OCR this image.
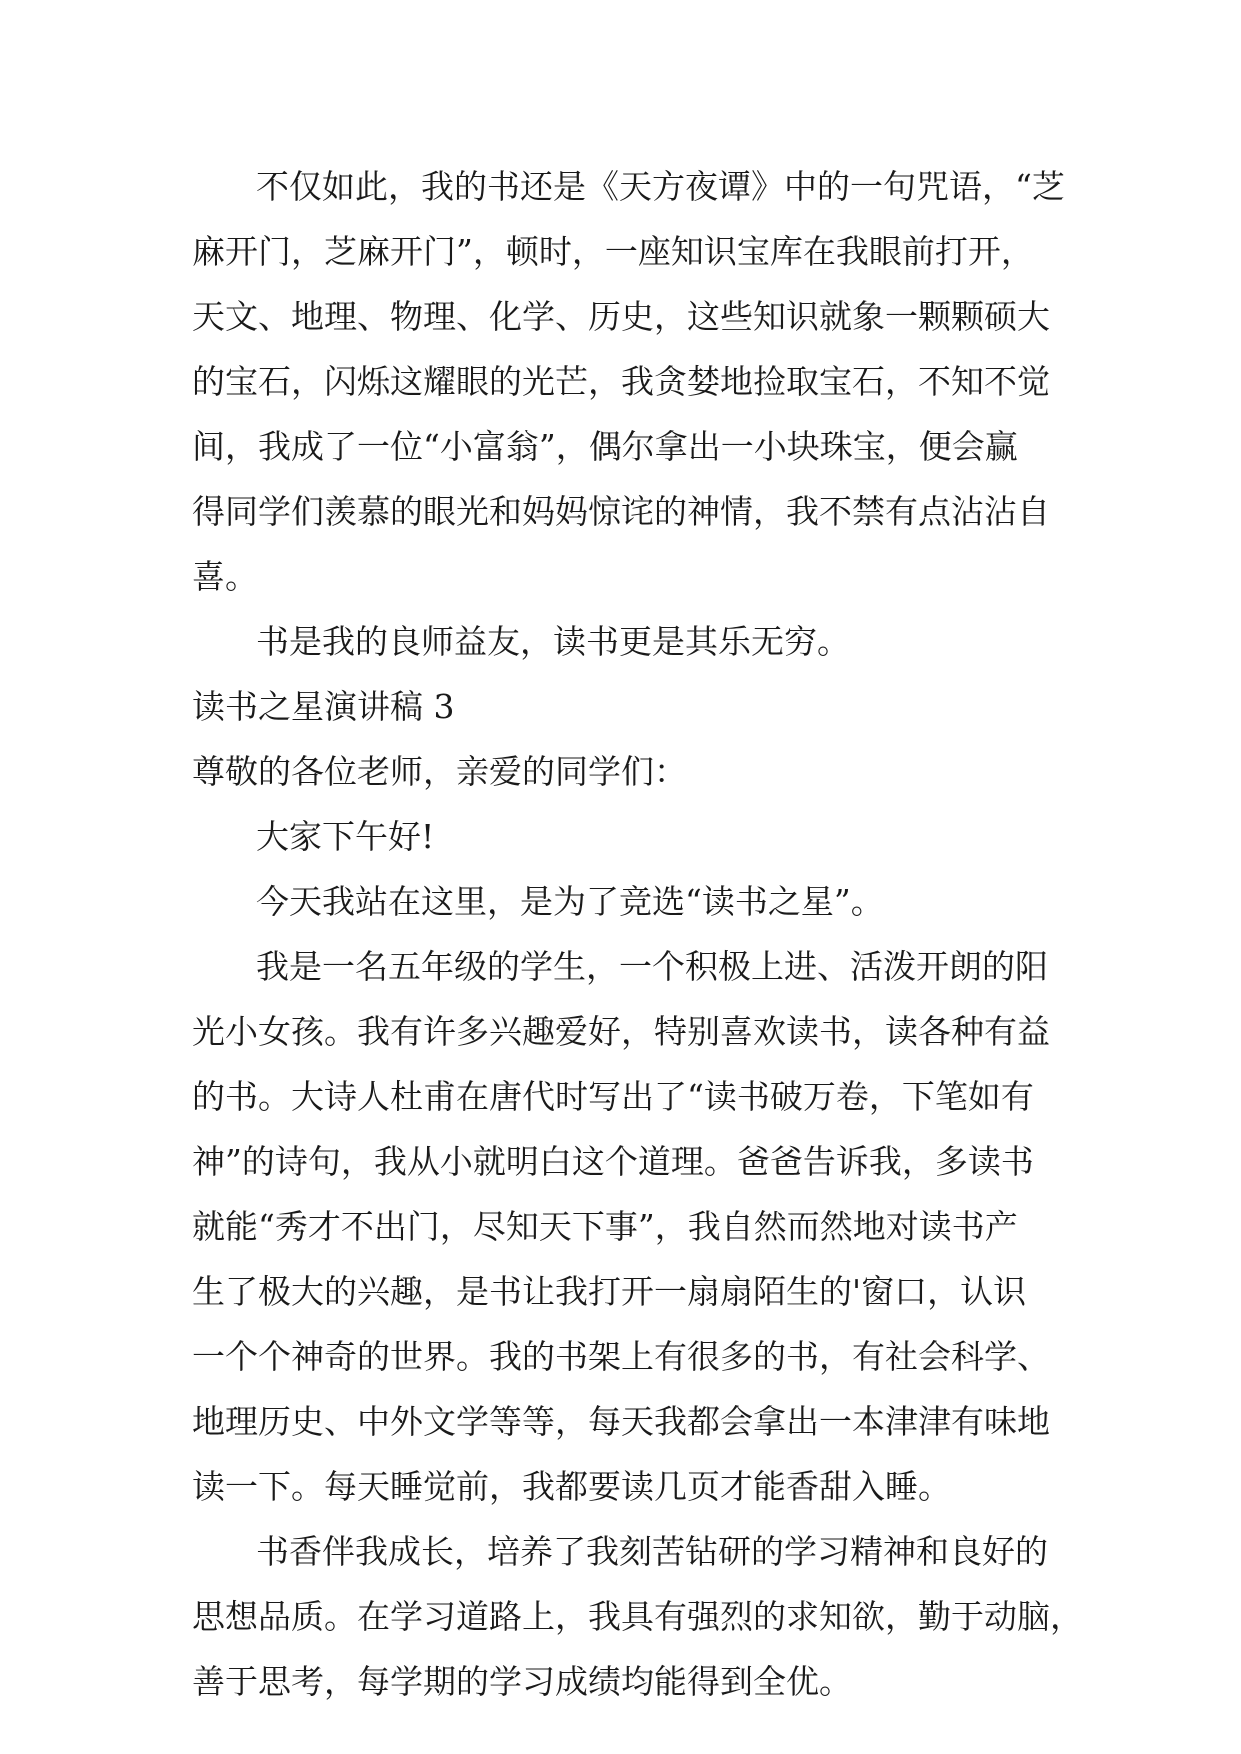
不仅如此，我的书还是《天方夜谭》中的一句咒语，“芝

麻开门，芝麻开门”，顿时，一座知识宝库在我眼前打开，

天文、地理、物理、化学、历史，这些知识就象一颗颗硕大

的宝石，闪烁这耀眼的光芒，我贪婪地捡取宝石，不知不觉

间，我成了一位“小富翁”，偶尔拿出一小块珠宝，便会赢

得同学们羡慕的眼光和妈妈惊诧的神情，我不禁有点沾沾自

喜。

书是我的良师益友，读书更是其乐无穷。

读书之星演讲稿 3

尊敬的各位老师，亲爱的同学们：

大家下午好!

今天我站在这里，是为了竞选“读书之星”。

我是一名五年级的学生，一个积极上进、活泼开朗的阳

光小女孩。我有许多兴趣爱好，特别喜欢读书，读各种有益

的书。大诗人杜甫在唐代时写出了“读书破万卷，下笔如有

神”的诗句，我从小就明白这个道理。爸爸告诉我，多读书

就能“秀才不出门，尽知天下事”，我自然而然地对读书产

生了极大的兴趣，是书让我打开一扇扇陌生的'窗口，认识

一个个神奇的世界。我的书架上有很多的书，有社会科学、

地理历史、中外文学等等，每天我都会拿出一本津津有味地

读一下。每天睡觉前，我都要读几页才能香甜入睡。

书香伴我成长，培养了我刻苦钻研的学习精神和良好的

思想品质。在学习道路上，我具有强烈的求知欲，勤于动脑，

善于思考，每学期的学习成绩均能得到全优。
